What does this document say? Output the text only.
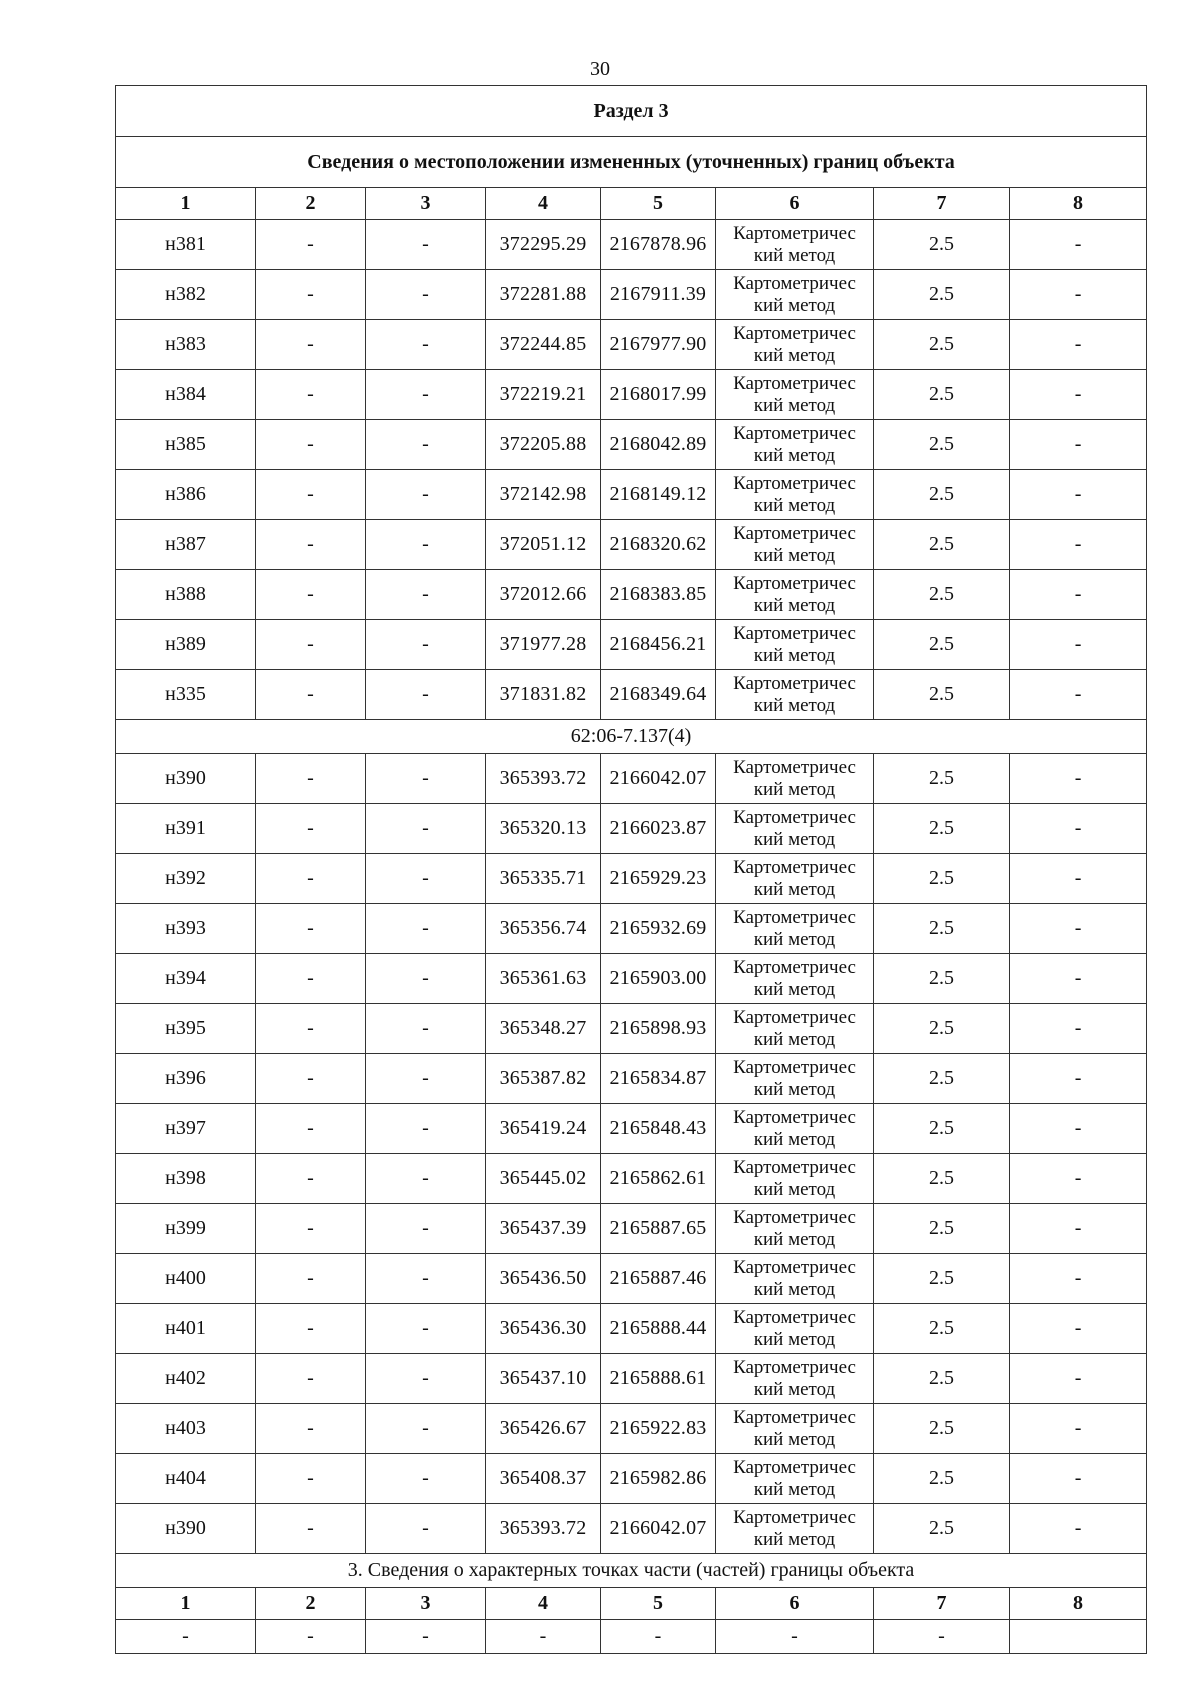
30
Раздел 3							
Сведения о местоположении измененных (уточненных) границ объекта							
1	2	3	4	5	6	7	8
н381	-	-	372295.29	2167878.96	Картометричес кий метод	2.5	-
н382	-	-	372281.88	2167911.39	Картометричес кий метод	2.5	-
н383	-	-	372244.85	2167977.90	Картометричес кий метод	2.5	-
н384	-	-	372219.21	2168017.99	Картометричес кий метод	2.5	-
н385	-	-	372205.88	2168042.89	Картометричес кий метод	2.5	-
н386	-	-	372142.98	2168149.12	Картометричес кий метод	2.5	-
н387	-	-	372051.12	2168320.62	Картометричес кий метод	2.5	-
н388	-	-	372012.66	2168383.85	Картометричес кий метод	2.5	-
н389	-	-	371977.28	2168456.21	Картометричес кий метод	2.5	-
н335	-	-	371831.82	2168349.64	Картометричес кий метод	2.5	-
62:06-7.137(4)							
н390	-	-	365393.72	2166042.07	Картометричес кий метод	2.5	-
н391	-	-	365320.13	2166023.87	Картометричес кий метод	2.5	-
н392	-	-	365335.71	2165929.23	Картометричес кий метод	2.5	-
н393	-	-	365356.74	2165932.69	Картометричес кий метод	2.5	-
н394	-	-	365361.63	2165903.00	Картометричес кий метод	2.5	-
н395	-	-	365348.27	2165898.93	Картометричес кий метод	2.5	-
н396	-	-	365387.82	2165834.87	Картометричес кий метод	2.5	-
н397	-	-	365419.24	2165848.43	Картометричес кий метод	2.5	-
н398	-	-	365445.02	2165862.61	Картометричес кий метод	2.5	-
н399	-	-	365437.39	2165887.65	Картометричес кий метод	2.5	-
н400	-	-	365436.50	2165887.46	Картометричес кий метод	2.5	-
н401	-	-	365436.30	2165888.44	Картометричес кий метод	2.5	-
н402	-	-	365437.10	2165888.61	Картометричес кий метод	2.5	-
н403	-	-	365426.67	2165922.83	Картометричес кий метод	2.5	-
н404	-	-	365408.37	2165982.86	Картометричес кий метод	2.5	-
н390	-	-	365393.72	2166042.07	Картометричес кий метод	2.5	-
3. Сведения о характерных точках части (частей) границы объекта							
1	2	3	4	5	6	7	8
-	-	-	-	-	-	-	
